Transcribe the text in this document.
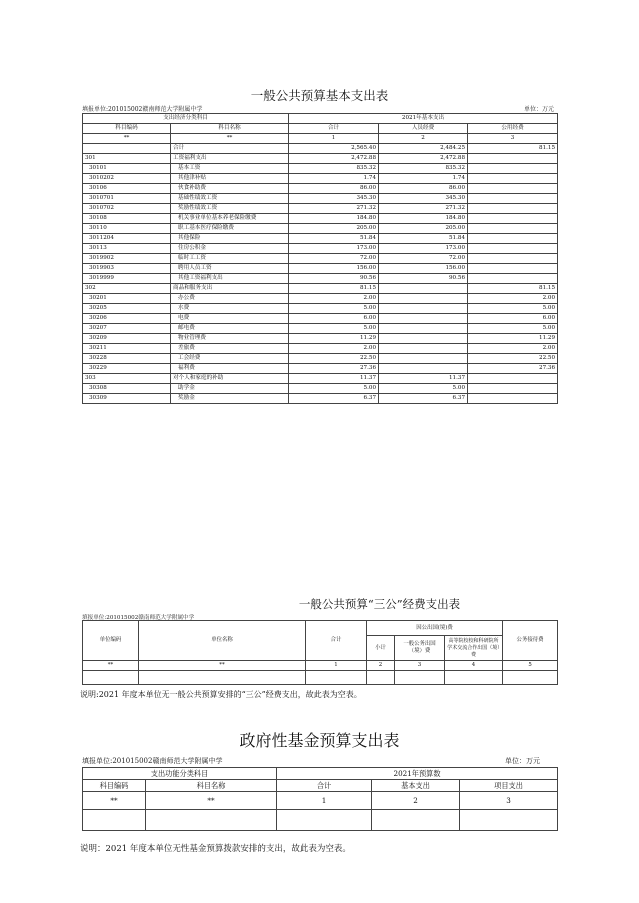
一般公共预算基本支出表
填报单位:201015002赣南师范大学附属中学	单位：万元
支出经济分类科目		2021年基本支出		
科目编码	科目名称	合计	人员经费	公用经费
**	**	1	2	3
	合计	2,565.40	2,484.25	81.15
301	工资福利支出	2,472.88	2,472.88	
30101	基本工资	835.32	835.32	
3010202	其他津补贴	1.74	1.74	
30106	伙食补助费	86.00	86.00	
3010701	基础性绩效工资	345.30	345.30	
3010702	奖励性绩效工资	271.32	271.32	
30108	机关事业单位基本养老保险缴费	184.80	184.80	
30110	职工基本医疗保险缴费	205.00	205.00	
3011204	其他保险	51.84	51.84	
30113	住房公积金	173.00	173.00	
3019902	临时工工资	72.00	72.00	
3019903	聘用人员工资	156.00	156.00	
3019999	其他工资福利支出	90.56	90.56	
302	商品和服务支出	81.15		81.15
30201	办公费	2.00		2.00
30205	水费	5.00		5.00
30206	电费	6.00		6.00
30207	邮电费	5.00		5.00
30209	物业管理费	11.29		11.29
30211	差旅费	2.00		2.00
30228	工会经费	22.50		22.50
30229	福利费	27.36		27.36
303	对个人和家庭的补助	11.37	11.37	
30308	助学金	5.00	5.00	
30309	奖励金	6.37	6.37	
一般公共预算“三公”经费支出表
填报单位:201015002赣南师范大学附属中学
单位编码	单位名称	合计	因公出国(境)费			公务接待费
			小计	一般公务出国（境）费	高等院校校和科研院所学术交流合作出国（境）费	
**	**	1	2	3	4	5

说明:2021 年度本单位无一般公共预算安排的“三公”经费支出，故此表为空表。
政府性基金预算支出表
填报单位:201015002赣南师范大学附属中学	单位：万元
支出功能分类科目		2021年预算数		
科目编码	科目名称	合计	基本支出	项目支出
**	**	1	2	3

说明：2021 年度本单位无性基金预算拨款安排的支出，故此表为空表。
